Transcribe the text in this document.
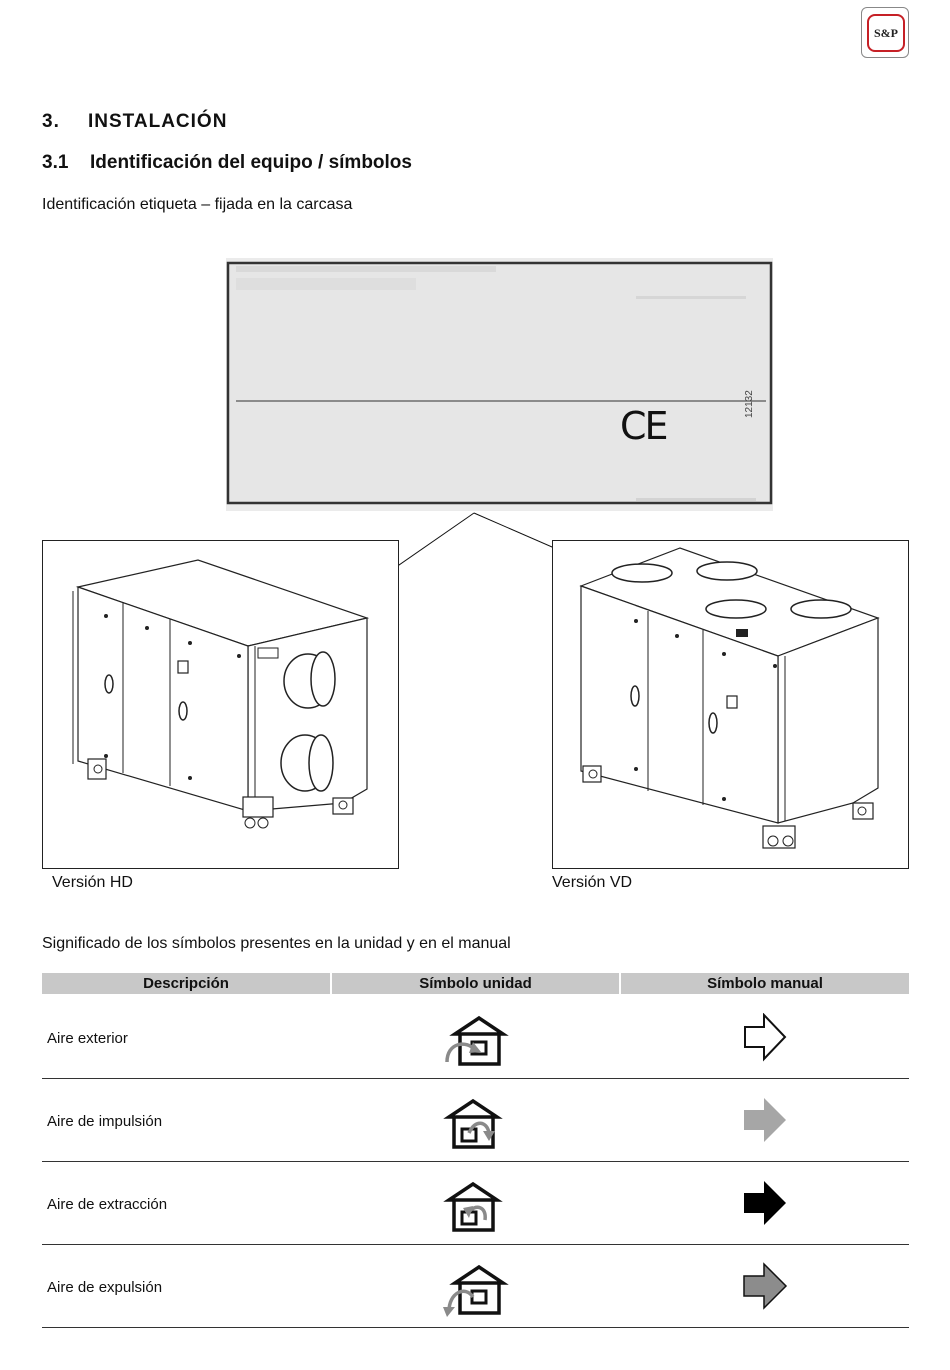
S&P
3. INSTALACIÓN
3.1 Identificación del equipo / símbolos
Identificación etiqueta – fijada en la carcasa
CE	12132
Versión HD	Versión VD
Significado de los símbolos presentes en la unidad y en el manual
Descripción	Símbolo unidad	Símbolo manual
Aire exterior
Aire de impulsión
Aire de extracción
Aire de expulsión
